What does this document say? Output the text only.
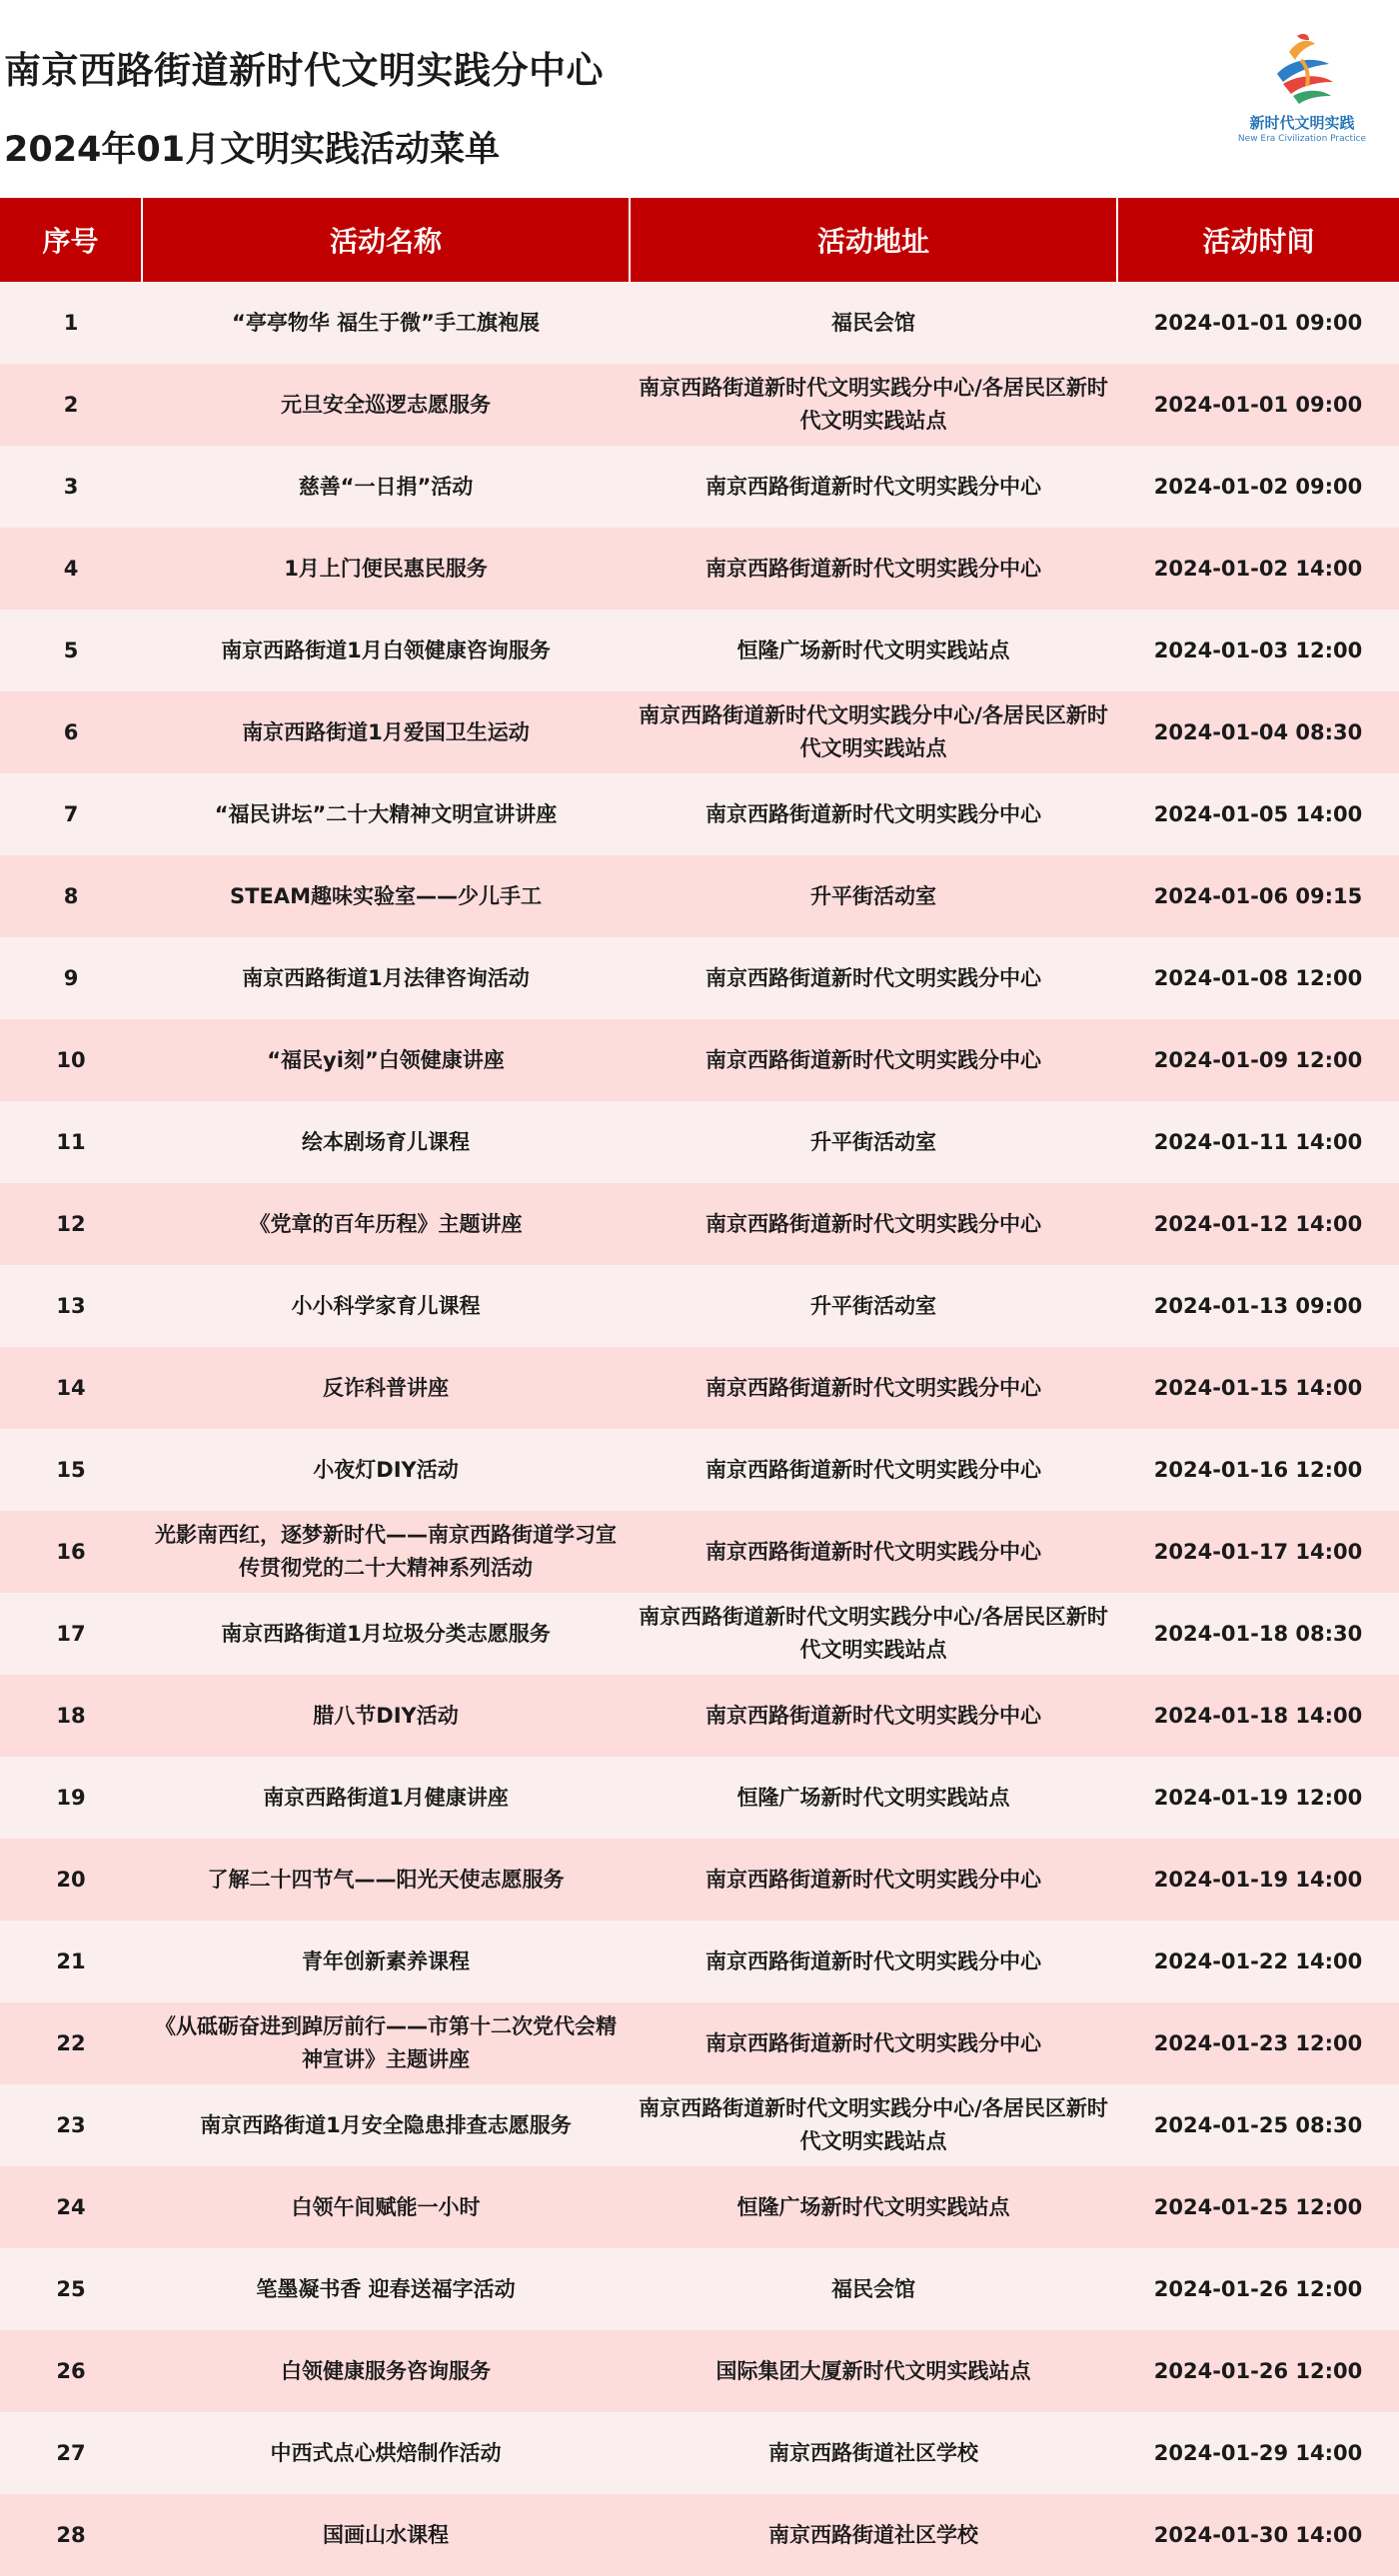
南京西路街道新时代文明实践分中心
2024年01月文明实践活动菜单
新时代文明实践
New Era Civilization Practice
序号	活动名称	活动地址	活动时间
1	“亭亭物华 福生于微”手工旗袍展	福民会馆	2024-01-01 09:00
2	元旦安全巡逻志愿服务	南京西路街道新时代文明实践分中心/各居民区新时代文明实践站点	2024-01-01 09:00
3	慈善“一日捐”活动	南京西路街道新时代文明实践分中心	2024-01-02 09:00
4	1月上门便民惠民服务	南京西路街道新时代文明实践分中心	2024-01-02 14:00
5	南京西路街道1月白领健康咨询服务	恒隆广场新时代文明实践站点	2024-01-03 12:00
6	南京西路街道1月爱国卫生运动	南京西路街道新时代文明实践分中心/各居民区新时代文明实践站点	2024-01-04 08:30
7	“福民讲坛”二十大精神文明宣讲讲座	南京西路街道新时代文明实践分中心	2024-01-05 14:00
8	STEAM趣味实验室——少儿手工	升平街活动室	2024-01-06 09:15
9	南京西路街道1月法律咨询活动	南京西路街道新时代文明实践分中心	2024-01-08 12:00
10	“福民yi刻”白领健康讲座	南京西路街道新时代文明实践分中心	2024-01-09 12:00
11	绘本剧场育儿课程	升平街活动室	2024-01-11 14:00
12	《党章的百年历程》主题讲座	南京西路街道新时代文明实践分中心	2024-01-12 14:00
13	小小科学家育儿课程	升平街活动室	2024-01-13 09:00
14	反诈科普讲座	南京西路街道新时代文明实践分中心	2024-01-15 14:00
15	小夜灯DIY活动	南京西路街道新时代文明实践分中心	2024-01-16 12:00
16	光影南西红，逐梦新时代——南京西路街道学习宣传贯彻党的二十大精神系列活动	南京西路街道新时代文明实践分中心	2024-01-17 14:00
17	南京西路街道1月垃圾分类志愿服务	南京西路街道新时代文明实践分中心/各居民区新时代文明实践站点	2024-01-18 08:30
18	腊八节DIY活动	南京西路街道新时代文明实践分中心	2024-01-18 14:00
19	南京西路街道1月健康讲座	恒隆广场新时代文明实践站点	2024-01-19 12:00
20	了解二十四节气——阳光天使志愿服务	南京西路街道新时代文明实践分中心	2024-01-19 14:00
21	青年创新素养课程	南京西路街道新时代文明实践分中心	2024-01-22 14:00
22	《从砥砺奋进到踔厉前行——市第十二次党代会精神宣讲》主题讲座	南京西路街道新时代文明实践分中心	2024-01-23 12:00
23	南京西路街道1月安全隐患排查志愿服务	南京西路街道新时代文明实践分中心/各居民区新时代文明实践站点	2024-01-25 08:30
24	白领午间赋能一小时	恒隆广场新时代文明实践站点	2024-01-25 12:00
25	笔墨凝书香 迎春送福字活动	福民会馆	2024-01-26 12:00
26	白领健康服务咨询服务	国际集团大厦新时代文明实践站点	2024-01-26 12:00
27	中西式点心烘焙制作活动	南京西路街道社区学校	2024-01-29 14:00
28	国画山水课程	南京西路街道社区学校	2024-01-30 14:00
